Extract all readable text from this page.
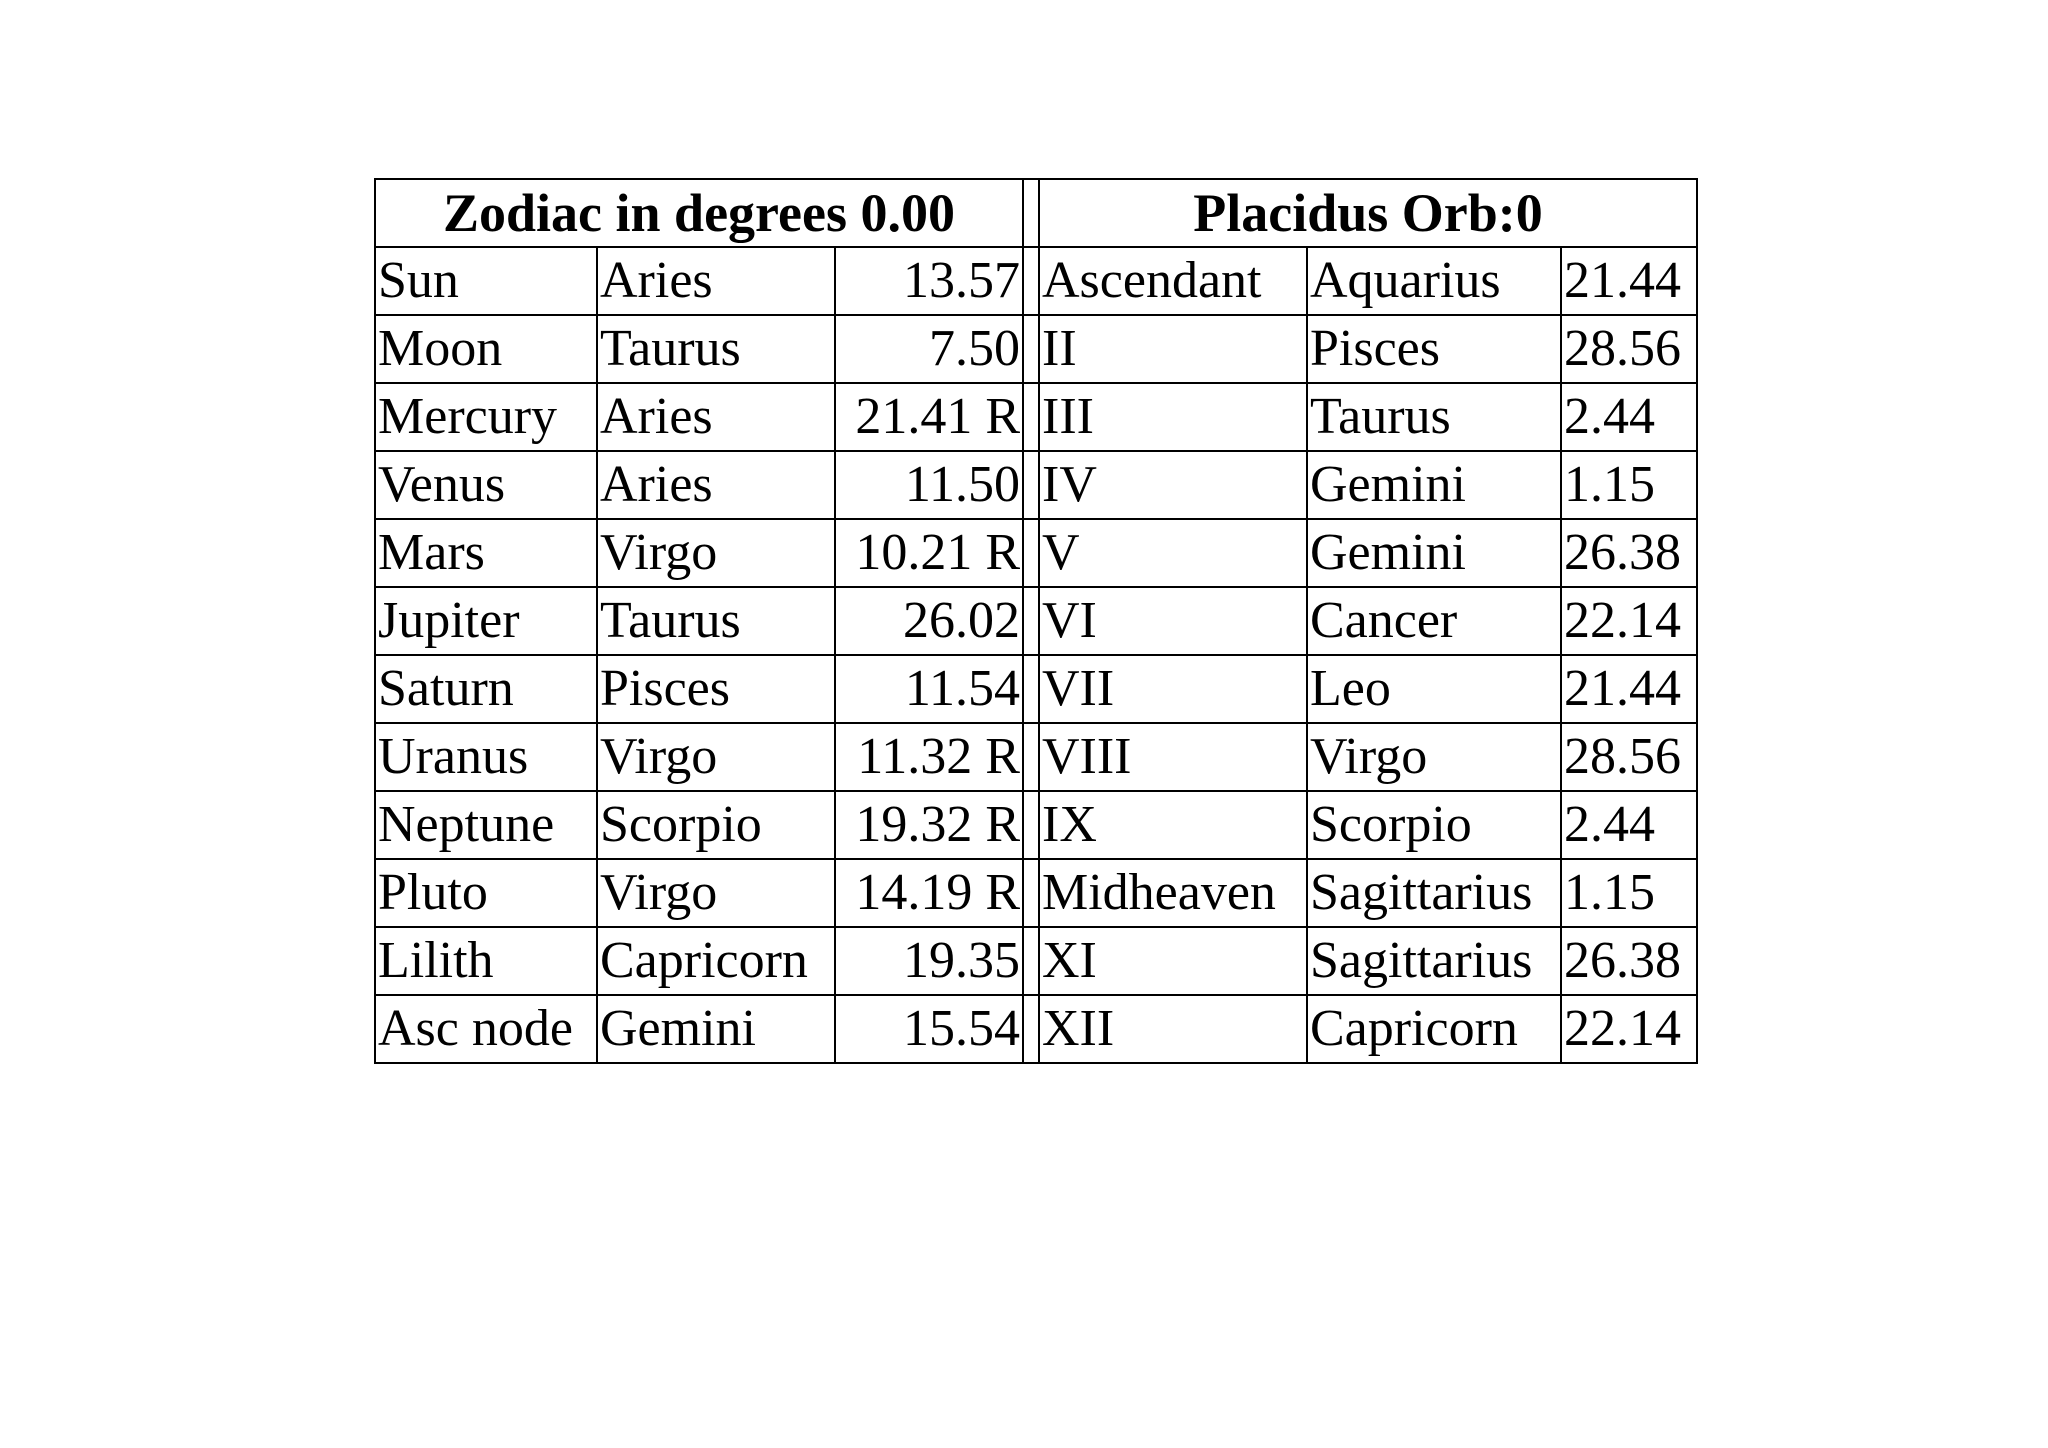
Zodiac in degrees 0.00				Placidus Orb:0		
Sun	Aries	13.57		Ascendant	Aquarius	21.44
Moon	Taurus	7.50		II	Pisces	28.56
Mercury	Aries	21.41 R		III	Taurus	2.44
Venus	Aries	11.50		IV	Gemini	1.15
Mars	Virgo	10.21 R		V	Gemini	26.38
Jupiter	Taurus	26.02		VI	Cancer	22.14
Saturn	Pisces	11.54		VII	Leo	21.44
Uranus	Virgo	11.32 R		VIII	Virgo	28.56
Neptune	Scorpio	19.32 R		IX	Scorpio	2.44
Pluto	Virgo	14.19 R		Midheaven	Sagittarius	1.15
Lilith	Capricorn	19.35		XI	Sagittarius	26.38
Asc node	Gemini	15.54		XII	Capricorn	22.14
